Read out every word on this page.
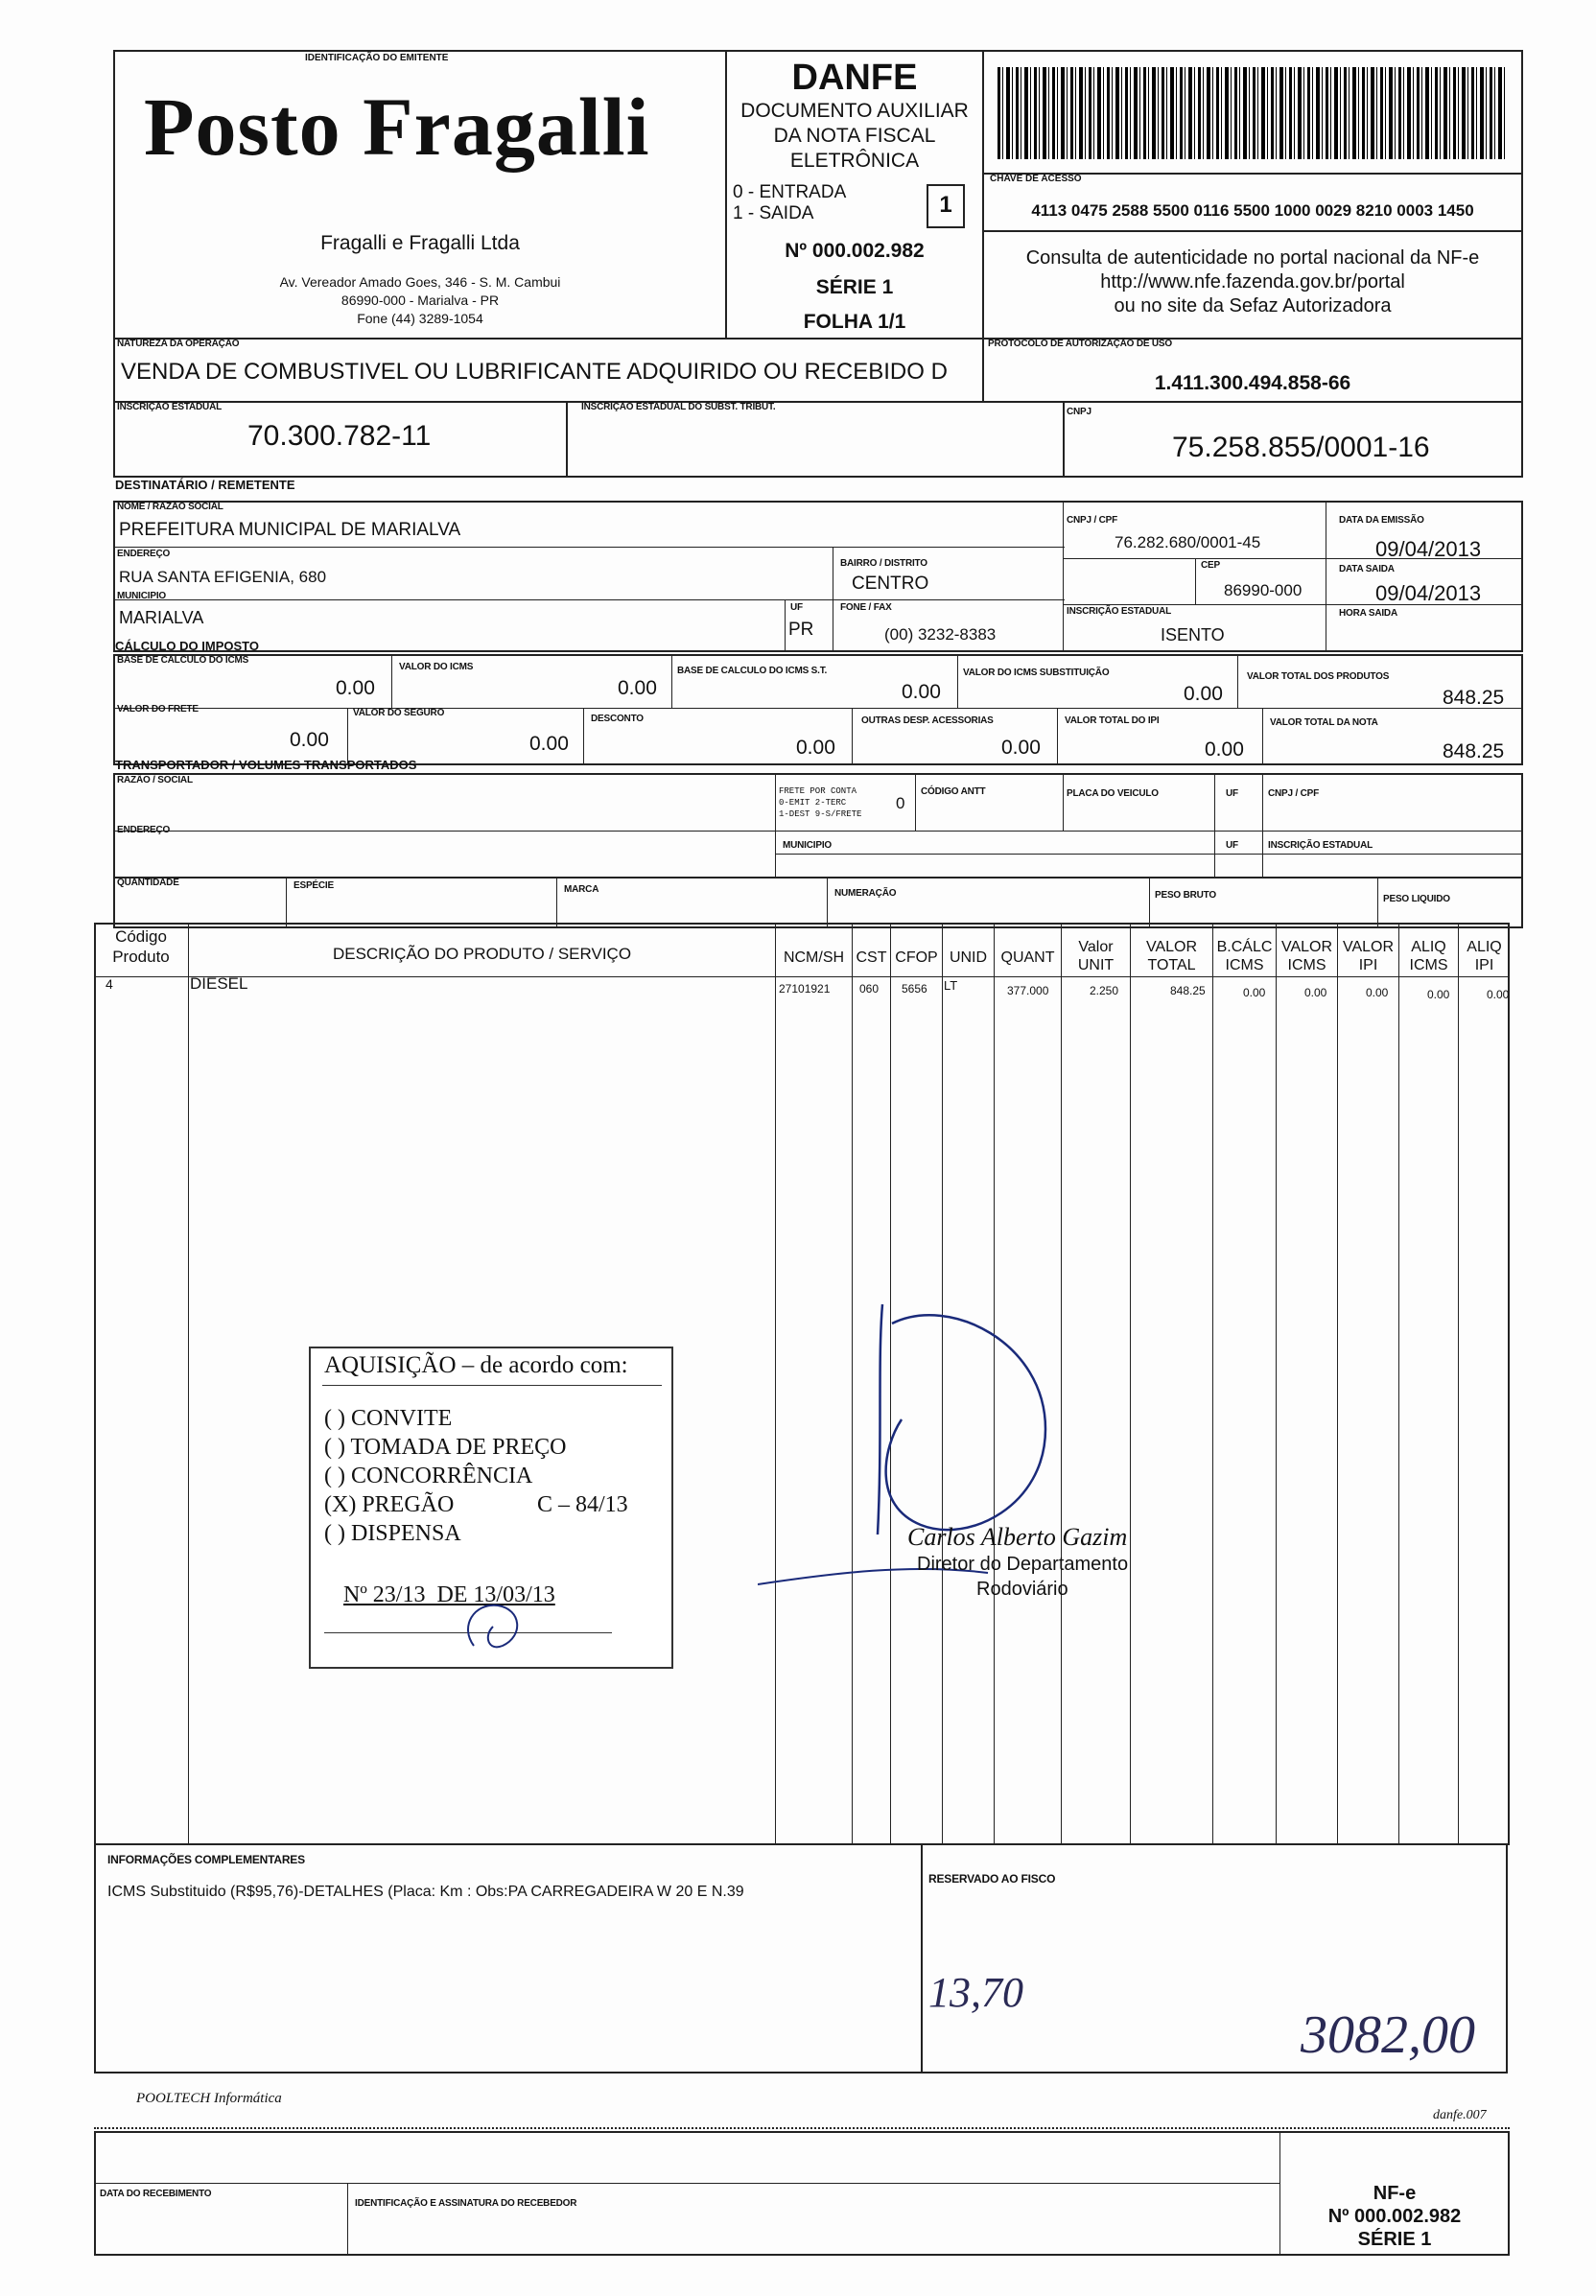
IDENTIFICAÇÃO DO EMITENTE
Posto Fragalli
Fragalli e Fragalli Ltda
Av. Vereador Amado Goes, 346 - S. M. Cambui
86990-000 - Marialva - PR
Fone (44) 3289-1054
DANFE
DOCUMENTO AUXILIAR
DA NOTA FISCAL
ELETRÔNICA
0 - ENTRADA
1 - SAIDA	1
Nº 000.002.982
SÉRIE 1
FOLHA 1/1
CHAVE DE ACESSO
4113 0475 2588 5500 0116 5500 1000 0029 8210 0003 1450
Consulta de autenticidade no portal nacional da NF-e
http://www.nfe.fazenda.gov.br/portal
ou no site da Sefaz Autorizadora
NATUREZA DA OPERAÇÃO
VENDA DE COMBUSTIVEL OU LUBRIFICANTE ADQUIRIDO OU RECEBIDO D
PROTOCOLO DE AUTORIZAÇÃO DE USO
1.411.300.494.858-66
INSCRIÇÃO ESTADUAL
70.300.782-11
INSCRIÇÃO ESTADUAL DO SUBST. TRIBUT.	CNPJ
75.258.855/0001-16
DESTINATÁRIO / REMETENTE
NOME / RAZÃO SOCIAL
PREFEITURA MUNICIPAL DE MARIALVA	CNPJ / CPF
76.282.680/0001-45
DATA DA EMISSÃO
09/04/2013
ENDEREÇO
RUA SANTA EFIGENIA, 680
BAIRRO / DISTRITO
CENTRO
CEP
86990-000
DATA SAIDA
09/04/2013
MUNICIPIO
MARIALVA
UF
PR
FONE / FAX
(00) 3232-8383
INSCRIÇÃO ESTADUAL
ISENTO
HORA SAIDA
CÁLCULO DO IMPOSTO
BASE DE CALCULO DO ICMS
0.00
VALOR DO ICMS
0.00
BASE DE CALCULO DO ICMS S.T.
0.00
VALOR DO ICMS SUBSTITUIÇÃO
0.00
VALOR TOTAL DOS PRODUTOS
848.25
VALOR DO FRETE
0.00
VALOR DO SEGURO
0.00
DESCONTO
0.00
OUTRAS DESP. ACESSORIAS
0.00
VALOR TOTAL DO IPI
0.00
VALOR TOTAL DA NOTA
848.25
TRANSPORTADOR / VOLUMES TRANSPORTADOS
RAZÃO / SOCIAL
FRETE POR CONTA
0-EMIT 2-TERC
1-DEST 9-S/FRETE
0
CÓDIGO ANTT	PLACA DO VEICULO	UF	CNPJ / CPF
ENDEREÇO
MUNICIPIO	UF	INSCRIÇÃO ESTADUAL
QUANTIDADE	ESPÉCIE	MARCA	NUMERAÇÃO	PESO BRUTO	PESO LIQUIDO
Código
Produto	DESCRIÇÃO DO PRODUTO / SERVIÇO	NCM/SH CST CFOP UNID QUANT
Valor
UNIT
VALOR
TOTAL
B.CÁLC
ICMS
VALOR
ICMS
VALOR
IPI
ALIQ
ICMS
ALIQ
IPI
4	DIESEL	27101921	060 5656 LT	377.000	2.250	848.25	0.00	0.00	0.00	0.00	0.00
AQUISIÇÃO – de acordo com:
( ) CONVITE
( ) TOMADA DE PREÇO
( ) CONCORRÊNCIA
(X) PREGÃO	C – 84/13
( ) DISPENSA
Nº 23/13  DE 13/03/13
Carlos Alberto Gazim
Diretor do Departamento
Rodoviário
INFORMAÇÕES COMPLEMENTARES
ICMS Substituido (R$95,76)-DETALHES (Placa: Km : Obs:PA CARREGADEIRA W 20 E N.39
RESERVADO AO FISCO
13,70
3082,00
POOLTECH Informática
danfe.007
DATA DO RECEBIMENTO
IDENTIFICAÇÃO E ASSINATURA DO RECEBEDOR	NF-e
Nº 000.002.982
SÉRIE 1
